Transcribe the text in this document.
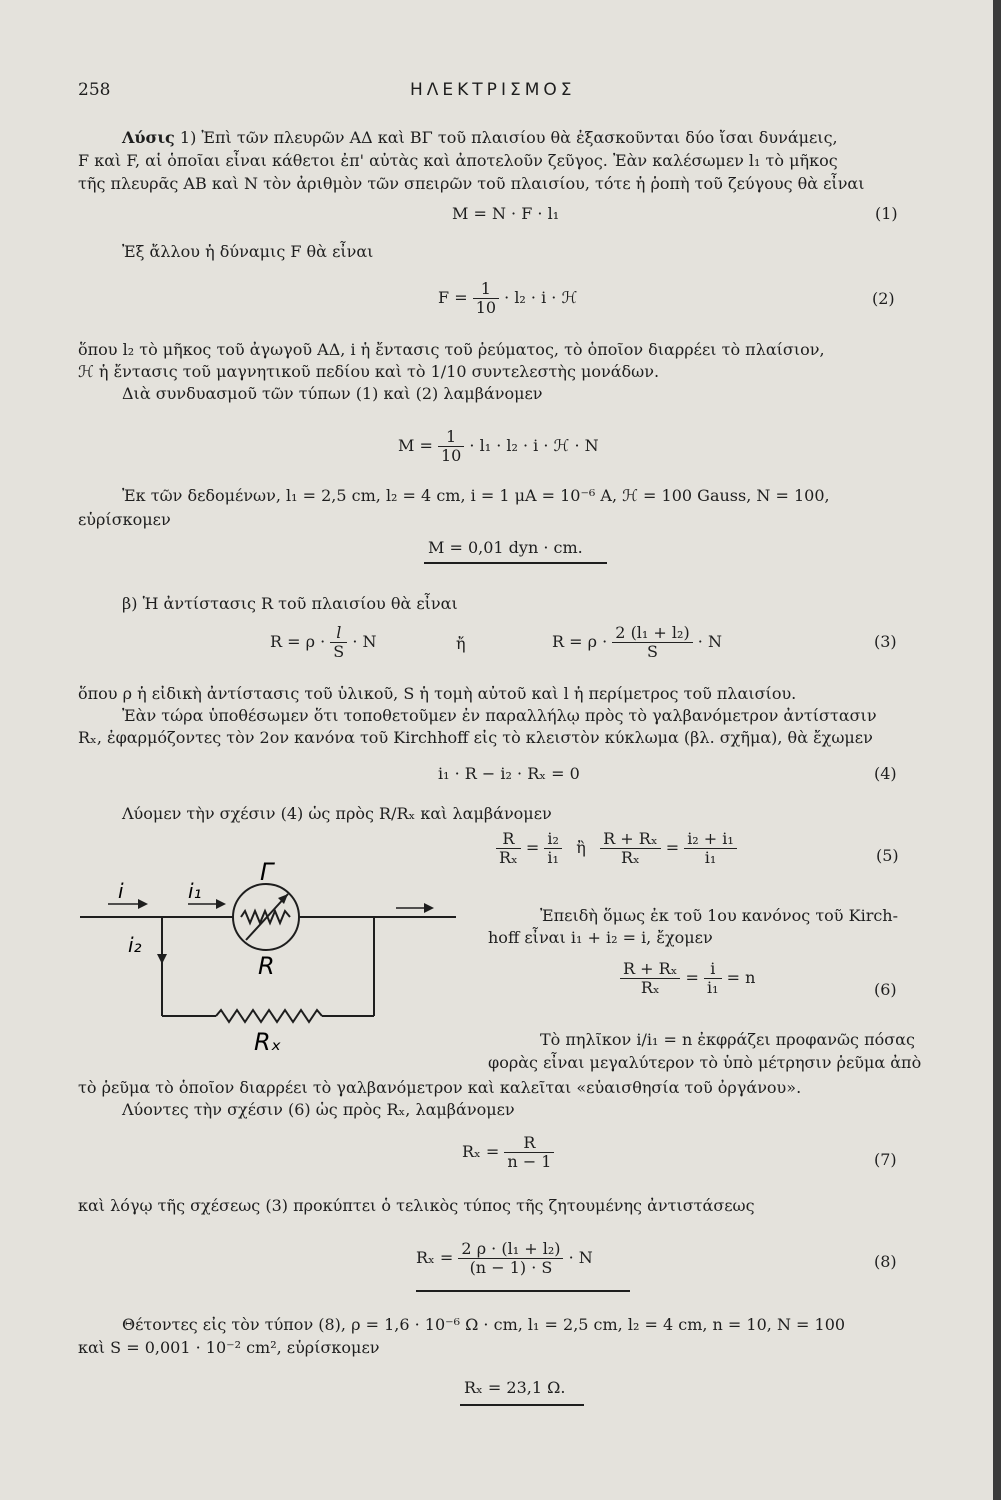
258	ΗΛΕΚΤΡΙΣΜΟΣ
Λύσις 1) Ἐπὶ τῶν πλευρῶν ΑΔ καὶ ΒΓ τοῦ πλαισίου θὰ ἐξασκοῦνται δύο ἴσαι δυνάμεις,
F καὶ F, αἱ ὁποῖαι εἶναι κάθετοι ἐπ' αὐτὰς καὶ ἀποτελοῦν ζεῦγος. Ἐὰν καλέσωμεν l₁ τὸ μῆκος
τῆς πλευρᾶς ΑΒ καὶ Ν τὸν ἀριθμὸν τῶν σπειρῶν τοῦ πλαισίου, τότε ἡ ῥοπὴ τοῦ ζεύγους θὰ εἶναι
M = N · F · l₁	(1)
Ἐξ ἄλλου ἡ δύναμις F θὰ εἶναι
$F = \frac{1}{10} \cdot l_2 \cdot i$ · ℋ	(2)
ὅπου l₂ τὸ μῆκος τοῦ ἀγωγοῦ ΑΔ, i ἡ ἔντασις τοῦ ῥεύματος, τὸ ὁποῖον διαρρέει τὸ πλαίσιον,
ℋ ἡ ἔντασις τοῦ μαγνητικοῦ πεδίου καὶ τὸ 1/10 συντελεστὴς μονάδων.
Διὰ συνδυασμοῦ τῶν τύπων (1) καὶ (2) λαμβάνομεν
$M = \frac{1}{10} \cdot l_1 \cdot l_2 \cdot i$ · ℋ · N
Ἐκ τῶν δεδομένων, l₁ = 2,5 cm, l₂ = 4 cm, i = 1 μA = 10⁻⁶ A, ℋ = 100 Gauss, N = 100,
εὑρίσκομεν
M = 0,01 dyn · cm.
β) Ἡ ἀντίστασις R τοῦ πλαισίου θὰ εἶναι
$R = \rho \cdot \frac{l}{S} \cdot N$	ἤ	$R = \rho \cdot \frac{\text{2 (l₁ + l₂)}}{S} \cdot N$	(3)
ὅπου ρ ἡ εἰδικὴ ἀντίστασις τοῦ ὑλικοῦ, S ἡ τομὴ αὐτοῦ καὶ l ἡ περίμετρος τοῦ πλαισίου.
Ἐὰν τώρα ὑποθέσωμεν ὅτι τοποθετοῦμεν ἐν παραλλήλῳ πρὸς τὸ γαλβανόμετρον ἀντίστασιν
Rₓ, ἐφαρμόζοντες τὸν 2ον κανόνα τοῦ Kirchhoff εἰς τὸ κλειστὸν κύκλωμα (βλ. σχῆμα), θὰ ἔχωμεν
i₁ · R − i₂ · Rₓ = 0	(4)
Λύομεν τὴν σχέσιν (4) ὡς πρὸς R/Rₓ καὶ λαμβάνομεν
$\frac{R}{\text{Rₓ}} = \frac{\text{i₂}}{\text{i₁}}$ ἢ $\frac{\text{R + Rₓ}}{\text{Rₓ}} = \frac{\text{i₂ + i₁}}{\text{i₁}}$	(5)
i	i₁
i₂
Γ
R
Rₓ
Ἐπειδὴ ὅμως ἐκ τοῦ 1ου κανόνος τοῦ Kirch-
hoff εἶναι i₁ + i₂ = i, ἔχομεν
$\frac{\text{R + Rₓ}}{\text{Rₓ}} = \frac{i}{\text{i₁}} = n$
(6)
Τὸ πηλῖκον i/i₁ = n ἐκφράζει προφανῶς πόσας
φορὰς εἶναι μεγαλύτερον τὸ ὑπὸ μέτρησιν ῥεῦμα ἀπὸ
τὸ ῥεῦμα τὸ ὁποῖον διαρρέει τὸ γαλβανόμετρον καὶ καλεῖται «εὐαισθησία τοῦ ὀργάνου».
Λύοντες τὴν σχέσιν (6) ὡς πρὸς Rₓ, λαμβάνομεν
$R_x = \frac{R}{n - 1}$	(7)
καὶ λόγῳ τῆς σχέσεως (3) προκύπτει ὁ τελικὸς τύπος τῆς ζητουμένης ἀντιστάσεως
$R_x = \frac{\text{2 ρ · (l₁ + l₂)}}{(n - 1) \cdot S} \cdot N$	(8)
Θέτοντες εἰς τὸν τύπον (8), ρ = 1,6 · 10⁻⁶ Ω · cm, l₁ = 2,5 cm, l₂ = 4 cm, n = 10, N = 100
καὶ S = 0,001 · 10⁻² cm², εὑρίσκομεν
Rₓ = 23,1 Ω.
